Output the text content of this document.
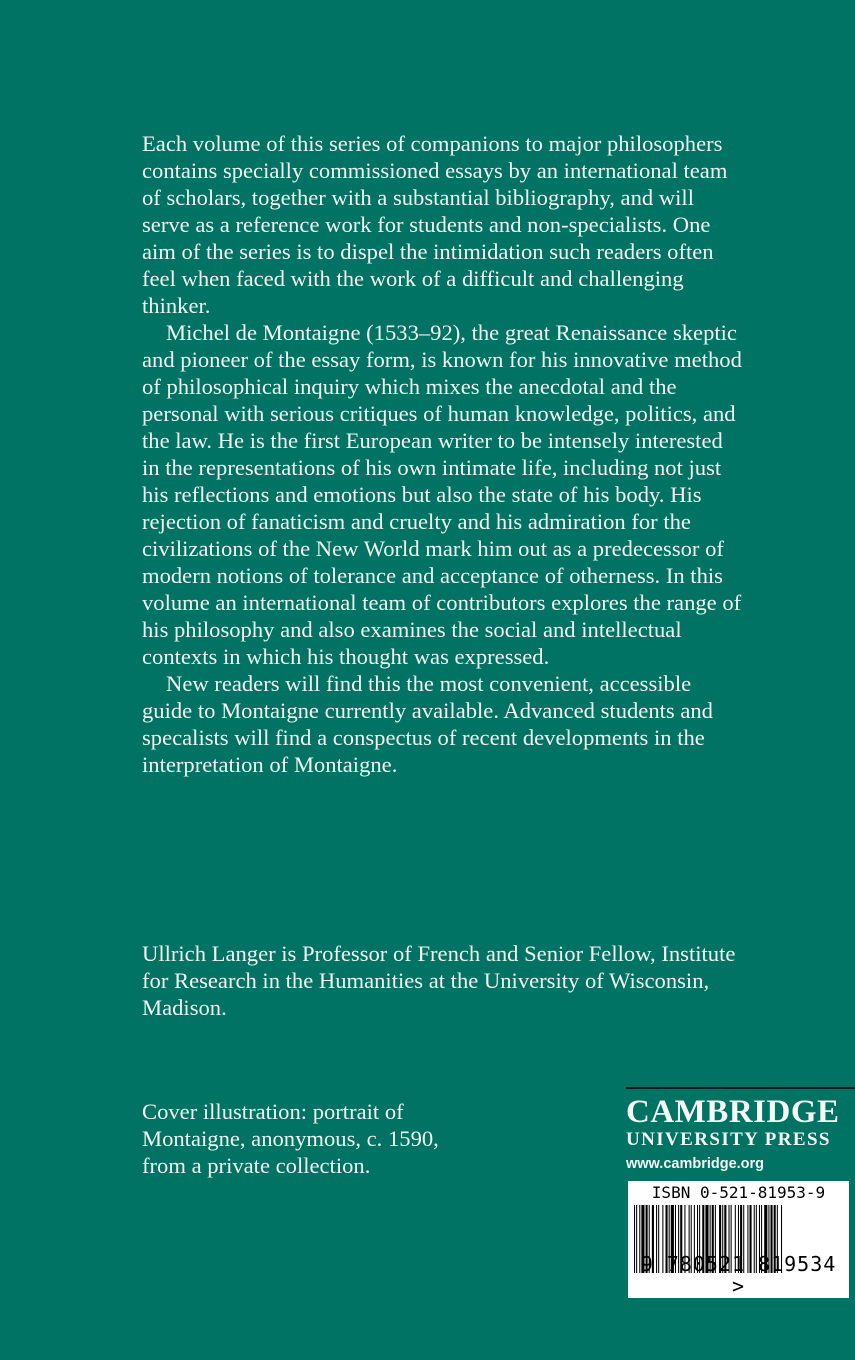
Each volume of this series of companions to major philosophers contains specially commissioned essays by an international team of scholars, together with a substantial bibliography, and will serve as a reference work for students and non-specialists. One aim of the series is to dispel the intimidation such readers often feel when faced with the work of a difficult and challenging thinker.

Michel de Montaigne (1533–92), the great Renaissance skeptic and pioneer of the essay form, is known for his innovative method of philosophical inquiry which mixes the anecdotal and the personal with serious critiques of human knowledge, politics, and the law. He is the first European writer to be intensely interested in the representations of his own intimate life, including not just his reflections and emotions but also the state of his body. His rejection of fanaticism and cruelty and his admiration for the civilizations of the New World mark him out as a predecessor of modern notions of tolerance and acceptance of otherness. In this volume an international team of contributors explores the range of his philosophy and also examines the social and intellectual contexts in which his thought was expressed.

New readers will find this the most convenient, accessible guide to Montaigne currently available. Advanced students and specalists will find a conspectus of recent developments in the interpretation of Montaigne.

Ullrich Langer is Professor of French and Senior Fellow, Institute for Research in the Humanities at the University of Wisconsin, Madison.
Cover illustration: portrait of Montaigne, anonymous, c. 1590, from a private collection.
CAMBRIDGE
UNIVERSITY PRESS
www.cambridge.org
ISBN 0-521-81953-9
9 780521 819534 >
